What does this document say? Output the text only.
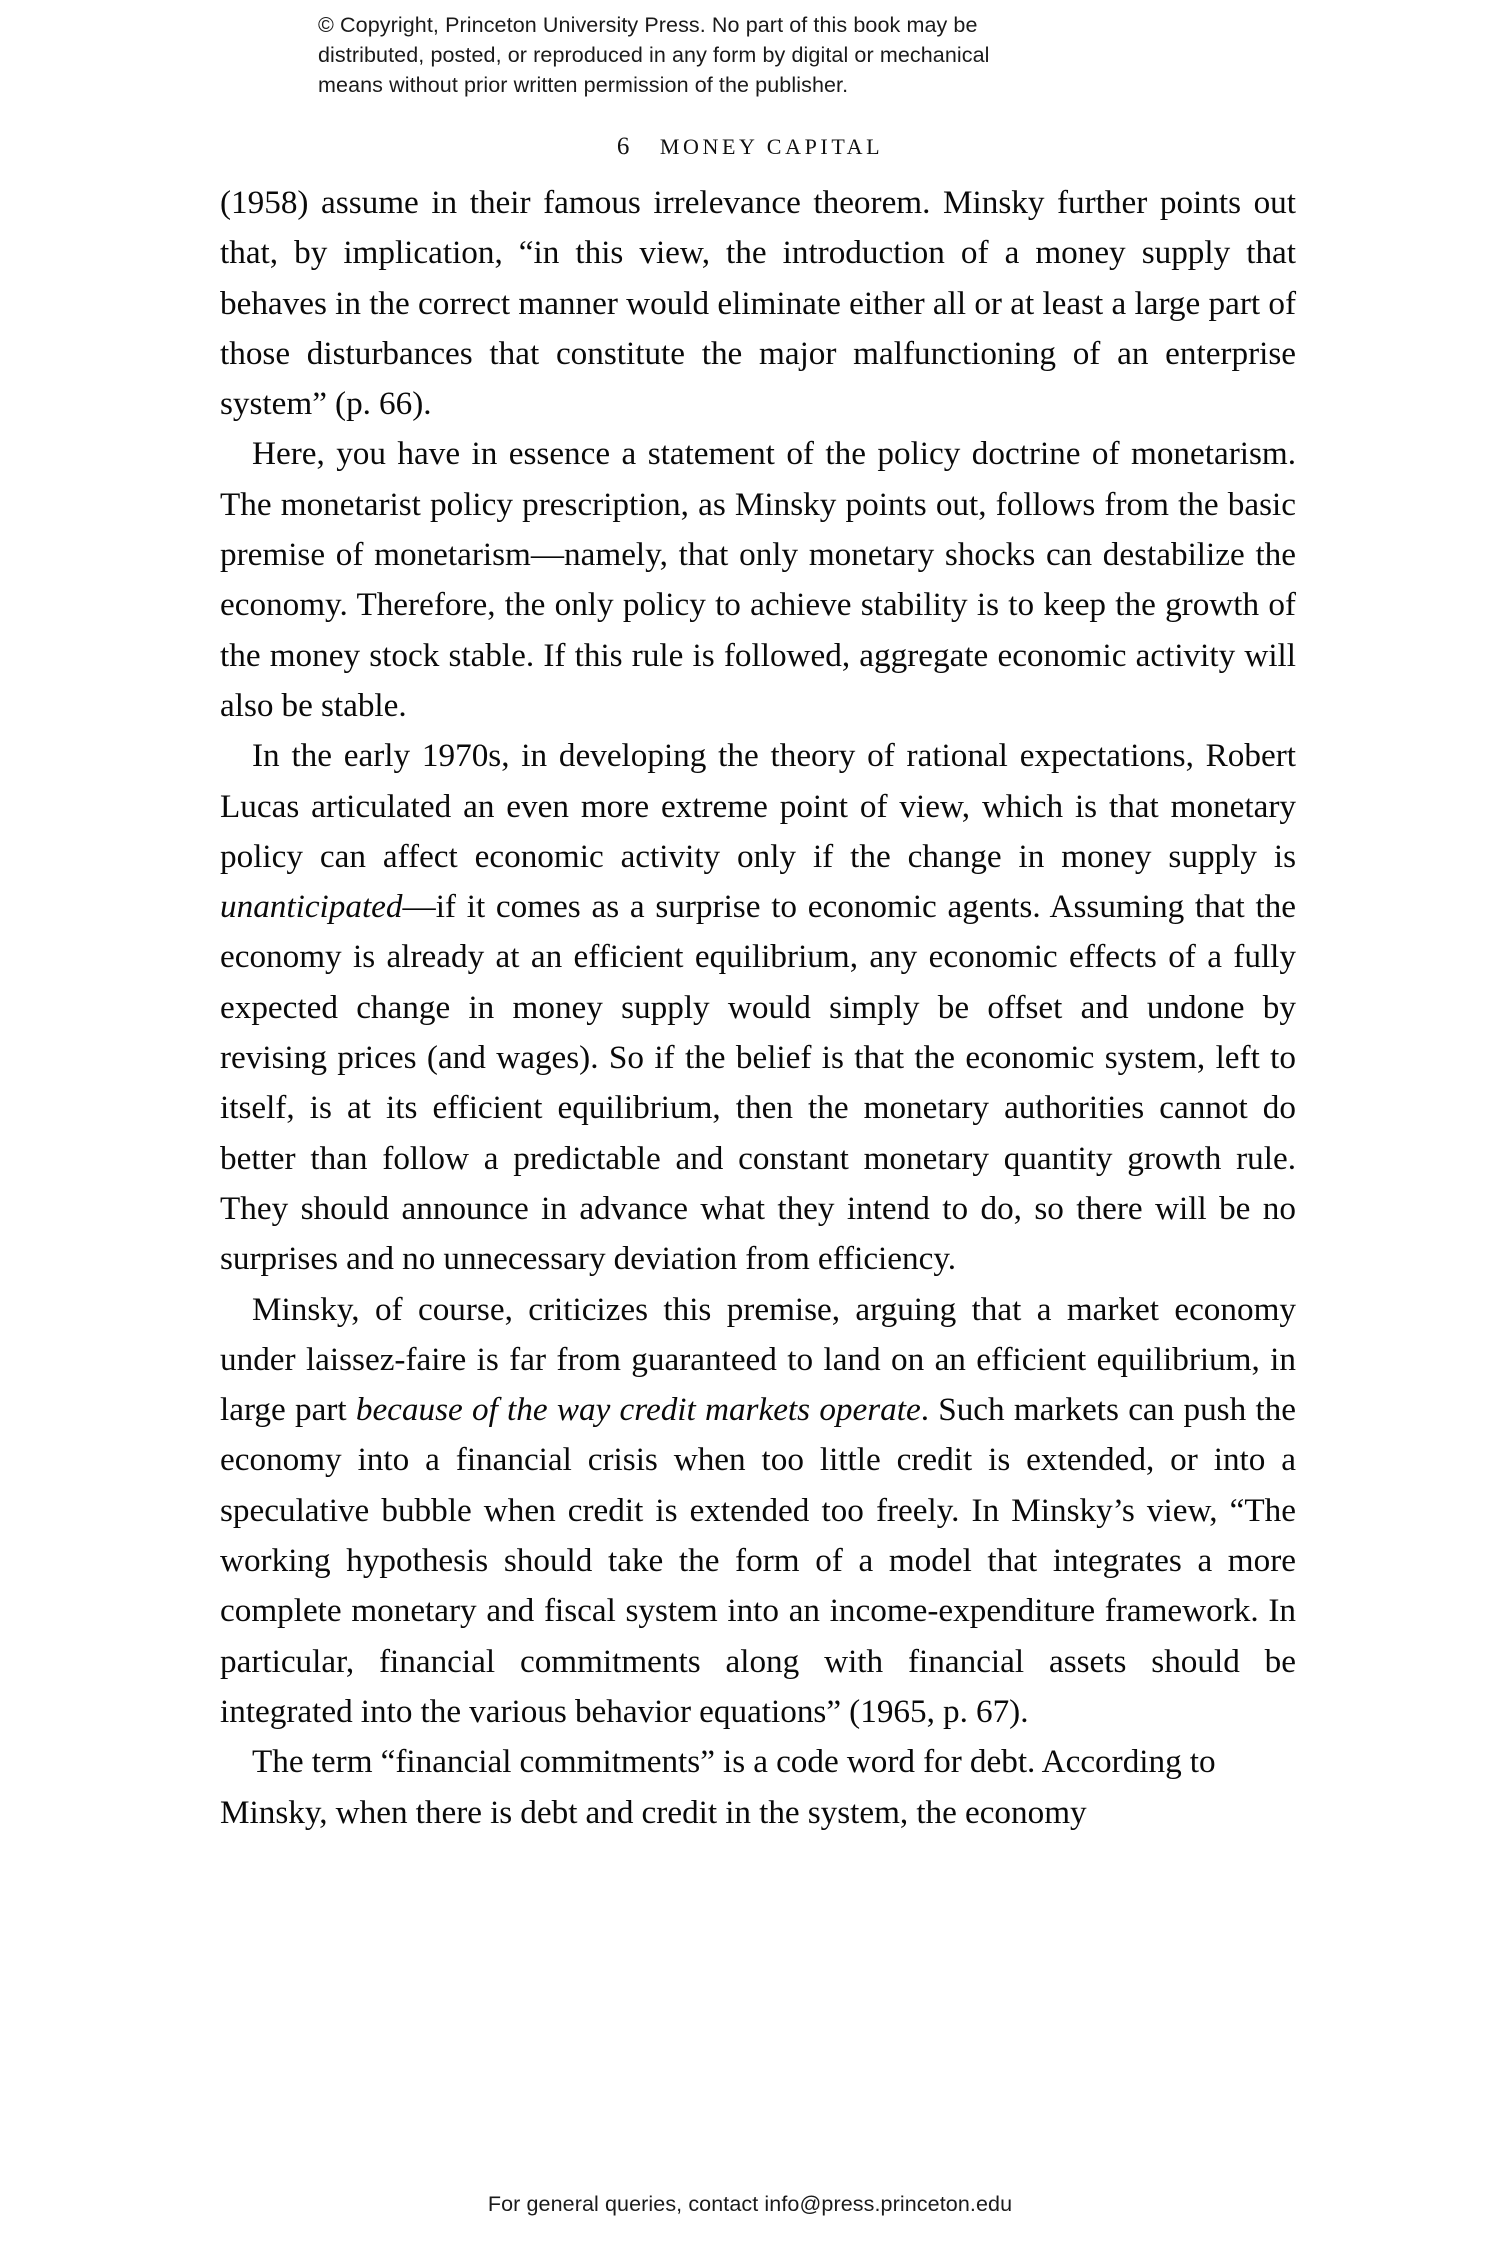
© Copyright, Princeton University Press. No part of this book may be
distributed, posted, or reproduced in any form by digital or mechanical
means without prior written permission of the publisher.
6 MONEY CAPITAL

(1958) assume in their famous irrelevance theorem. Minsky further points out that, by implication, “in this view, the introduction of a money supply that behaves in the correct manner would eliminate either all or at least a large part of those disturbances that constitute the major malfunctioning of an enterprise system” (p. 66).

Here, you have in essence a statement of the policy doctrine of monetarism. The monetarist policy prescription, as Minsky points out, follows from the basic premise of monetarism—namely, that only monetary shocks can destabilize the economy. Therefore, the only policy to achieve stability is to keep the growth of the money stock stable. If this rule is followed, aggregate economic activity will also be stable.

In the early 1970s, in developing the theory of rational expectations, Robert Lucas articulated an even more extreme point of view, which is that monetary policy can affect economic activity only if the change in money supply is unanticipated—if it comes as a surprise to economic agents. Assuming that the economy is already at an efficient equilibrium, any economic effects of a fully expected change in money supply would simply be offset and undone by revising prices (and wages). So if the belief is that the economic system, left to itself, is at its efficient equilibrium, then the monetary authorities cannot do better than follow a predictable and constant monetary quantity growth rule. They should announce in advance what they intend to do, so there will be no surprises and no unnecessary deviation from efficiency.

Minsky, of course, criticizes this premise, arguing that a market economy under laissez-faire is far from guaranteed to land on an efficient equilibrium, in large part because of the way credit markets operate. Such markets can push the economy into a financial crisis when too little credit is extended, or into a speculative bubble when credit is extended too freely. In Minsky’s view, “The working hypothesis should take the form of a model that integrates a more complete monetary and fiscal system into an income-expenditure framework. In particular, financial commitments along with financial assets should be integrated into the various behavior equations” (1965, p. 67).

The term “financial commitments” is a code word for debt. According to Minsky, when there is debt and credit in the system, the economy

For general queries, contact info@press.princeton.edu
